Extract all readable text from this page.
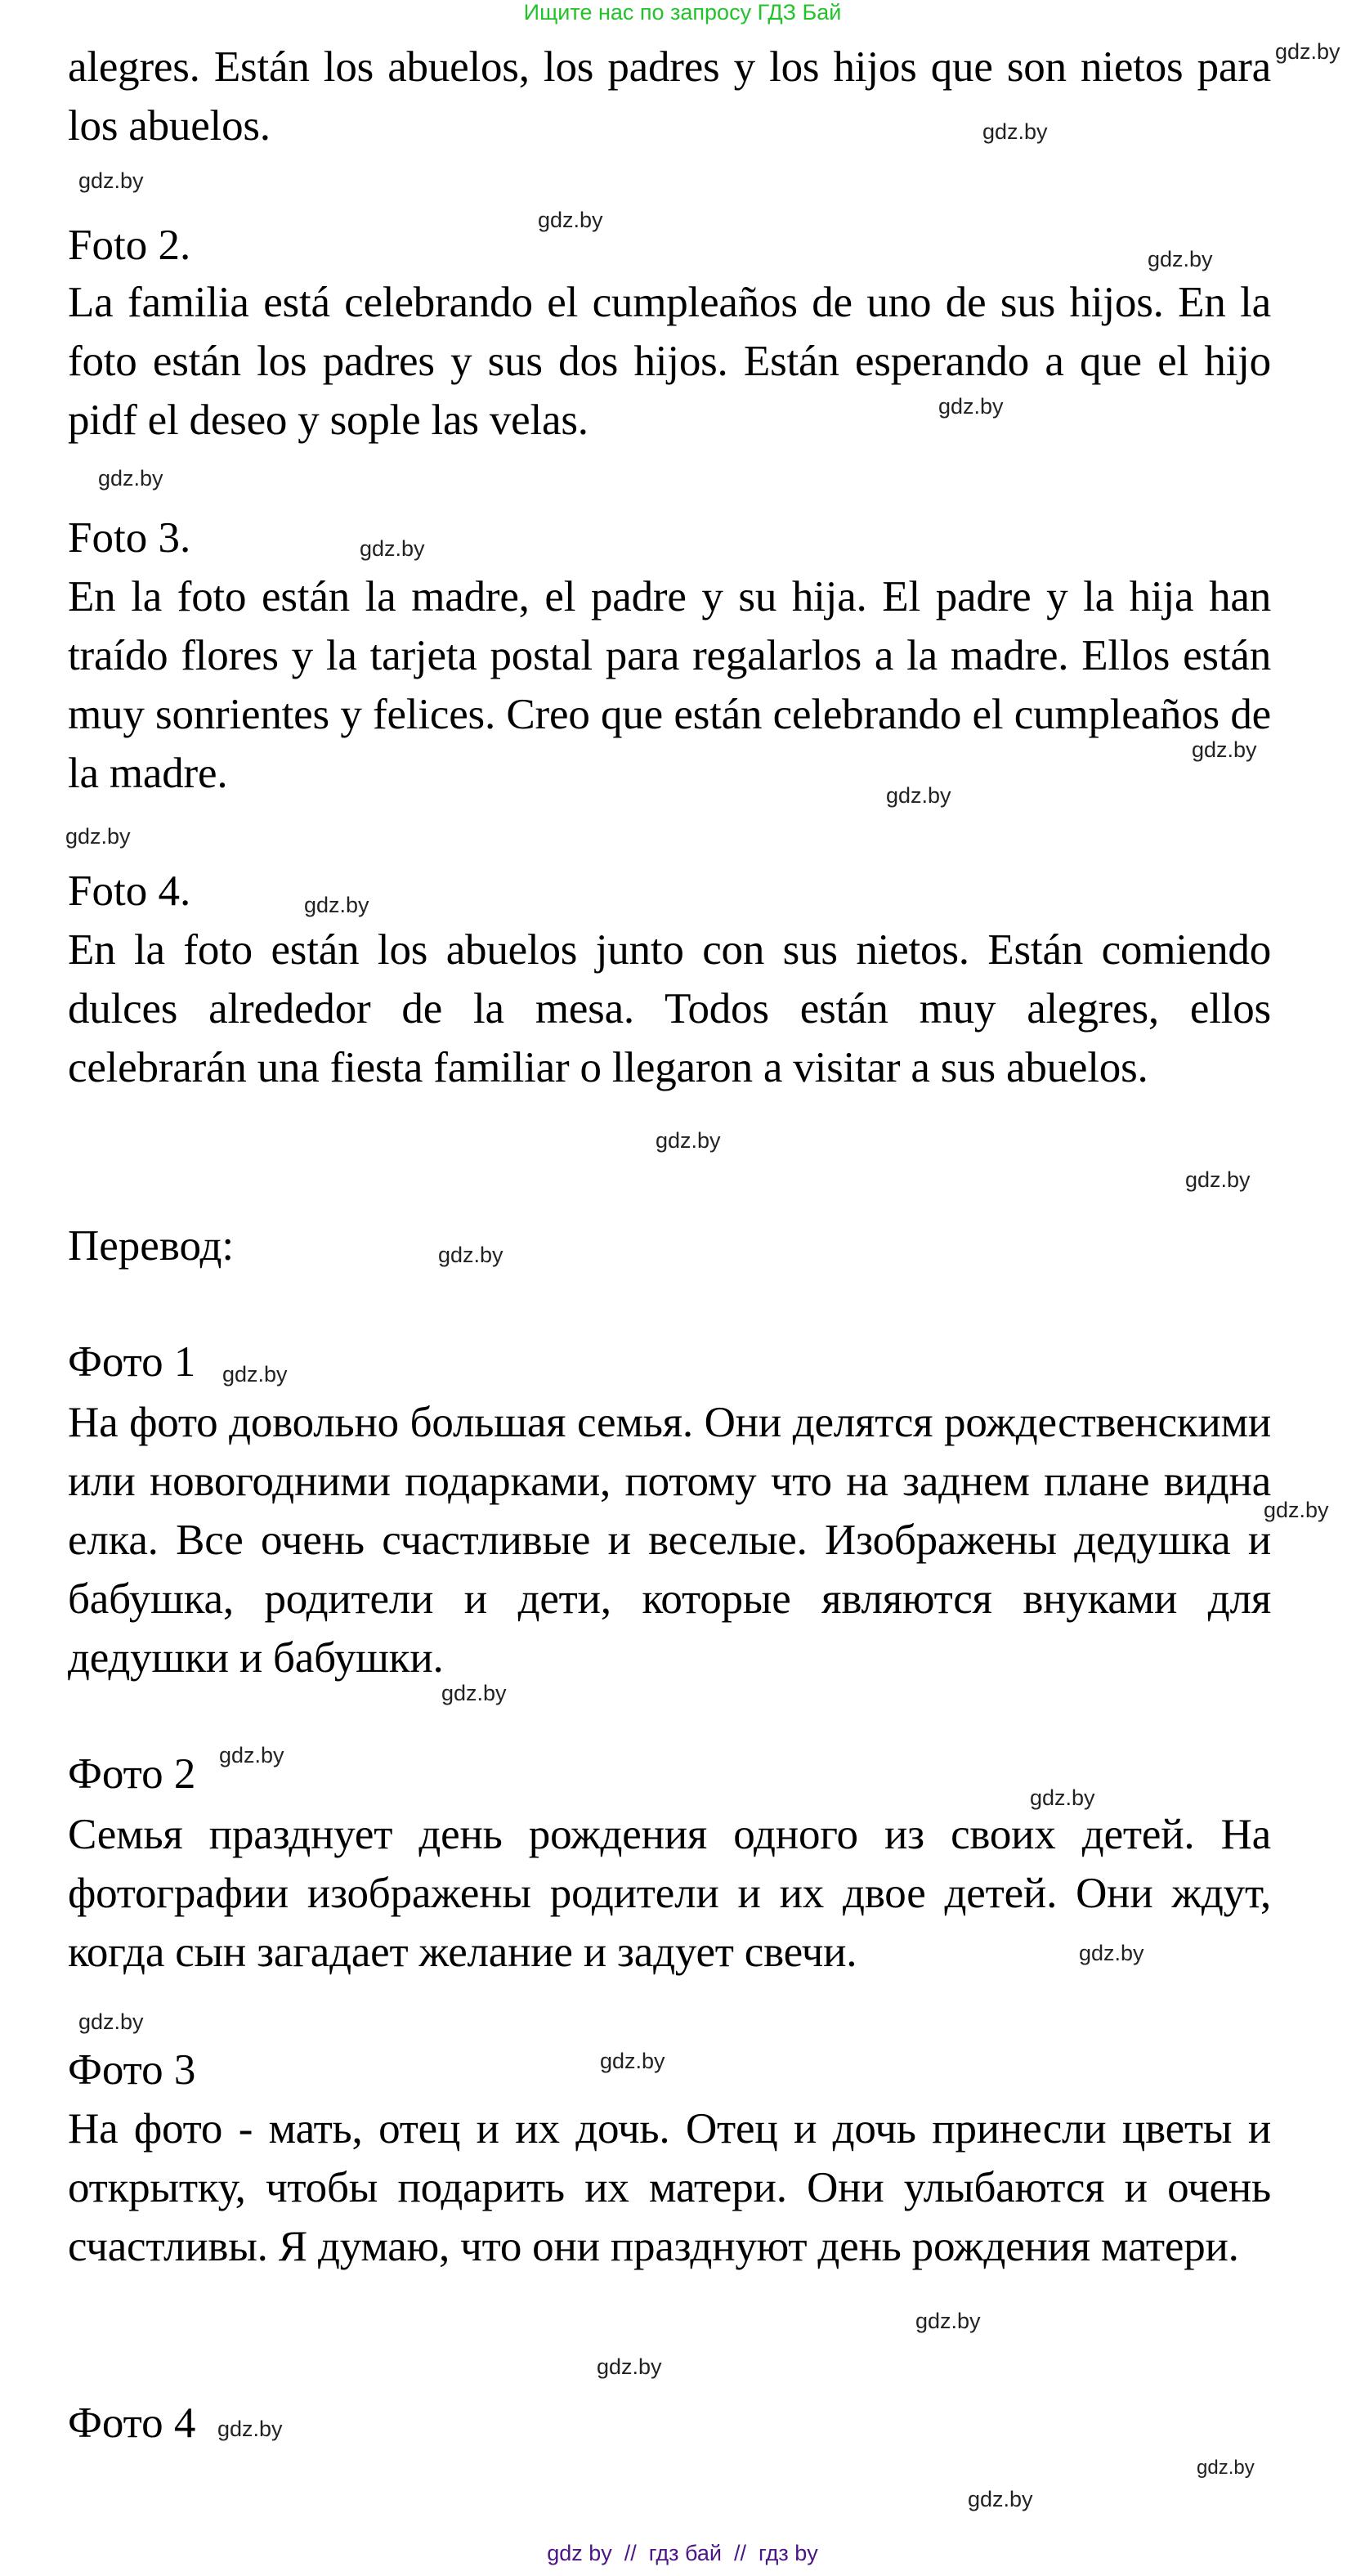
Ищите нас по запросу ГДЗ Бай
alegres. Están los abuelos, los padres y los hijos que son nietos para los abuelos.
Foto 2.
La familia está celebrando el cumpleaños de uno de sus hijos. En la foto están los padres y sus dos hijos. Están esperando a que el hijo pidf el deseo y sople las velas.
Foto 3.
En la foto están la madre, el padre y su hija. El padre y la hija han traído flores y la tarjeta postal para regalarlos a la madre. Ellos están muy sonrientes y felices. Creo que están celebrando el cumpleaños de la madre.
Foto 4.
En la foto están los abuelos junto con sus nietos. Están comiendo dulces alrededor de la mesa. Todos están muy alegres, ellos celebrarán una fiesta familiar o llegaron a visitar a sus abuelos.
Перевод:
Фото 1
На фото довольно большая семья. Они делятся рождественскими или новогодними подарками, потому что на заднем плане видна елка. Все очень счастливые и веселые. Изображены дедушка и бабушка, родители и дети, которые являются внуками для дедушки и бабушки.
Фото 2
Семья празднует день рождения одного из своих детей. На фотографии изображены родители и их двое детей. Они ждут, когда сын загадает желание и задует свечи.
Фото 3
На фото - мать, отец и их дочь. Отец и дочь принесли цветы и открытку, чтобы подарить их матери. Они улыбаются и очень счастливы. Я думаю, что они празднуют день рождения матери.
Фото 4
gdz.by
gdz.by
gdz.by
gdz.by
gdz.by
gdz.by
gdz.by
gdz.by
gdz.by
gdz.by
gdz.by
gdz.by
gdz.by
gdz.by
gdz.by
gdz.by
gdz.by
gdz.by
gdz.by
gdz.by
gdz.by
gdz.by
gdz.by
gdz.by
gdz.by
gdz.by
gdz.by
gdz.by
gdz by  //  гдз бай  //  гдз by
